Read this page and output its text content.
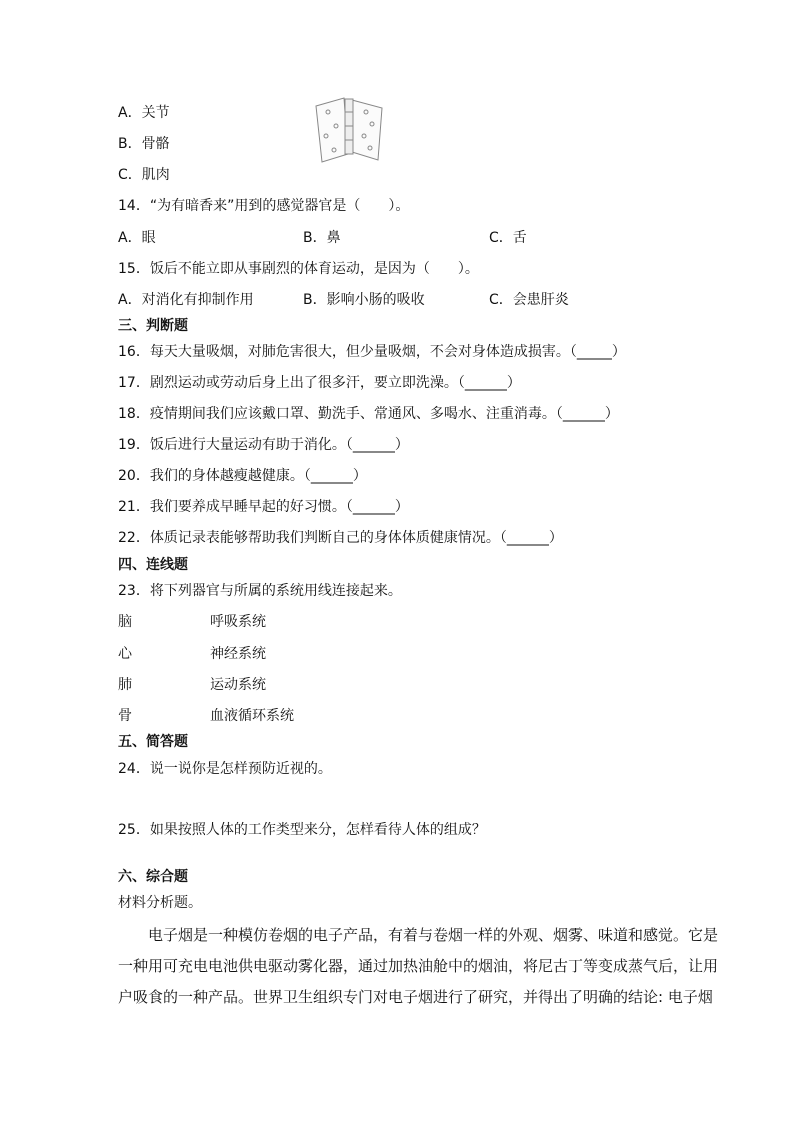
A．关节
B．骨骼
C．肌肉
14．“为有暗香来”用到的感觉器官是（　　）。
A．眼	B．鼻	C．舌
15．饭后不能立即从事剧烈的体育运动，是因为（　　）。
A．对消化有抑制作用	B．影响小肠的吸收	C．会患肝炎
三、判断题
16．每天大量吸烟，对肺危害很大，但少量吸烟，不会对身体造成损害。（_____）
17．剧烈运动或劳动后身上出了很多汗，要立即洗澡。（______）
18．疫情期间我们应该戴口罩、勤洗手、常通风、多喝水、注重消毒。（______）
19．饭后进行大量运动有助于消化。（______）
20．我们的身体越瘦越健康。（______）
21．我们要养成早睡早起的好习惯。（______）
22．体质记录表能够帮助我们判断自己的身体体质健康情况。（______）
四、连线题
23．将下列器官与所属的系统用线连接起来。
脑	呼吸系统
心	神经系统
肺	运动系统
骨	血液循环系统
五、简答题
24．说一说你是怎样预防近视的。
25．如果按照人体的工作类型来分，怎样看待人体的组成？
六、综合题
材料分析题。
电子烟是一种模仿卷烟的电子产品，有着与卷烟一样的外观、烟雾、味道和感觉。它是
一种用可充电电池供电驱动雾化器，通过加热油舱中的烟油，将尼古丁等变成蒸气后，让用
户吸食的一种产品。世界卫生组织专门对电子烟进行了研究，并得出了明确的结论: 电子烟
